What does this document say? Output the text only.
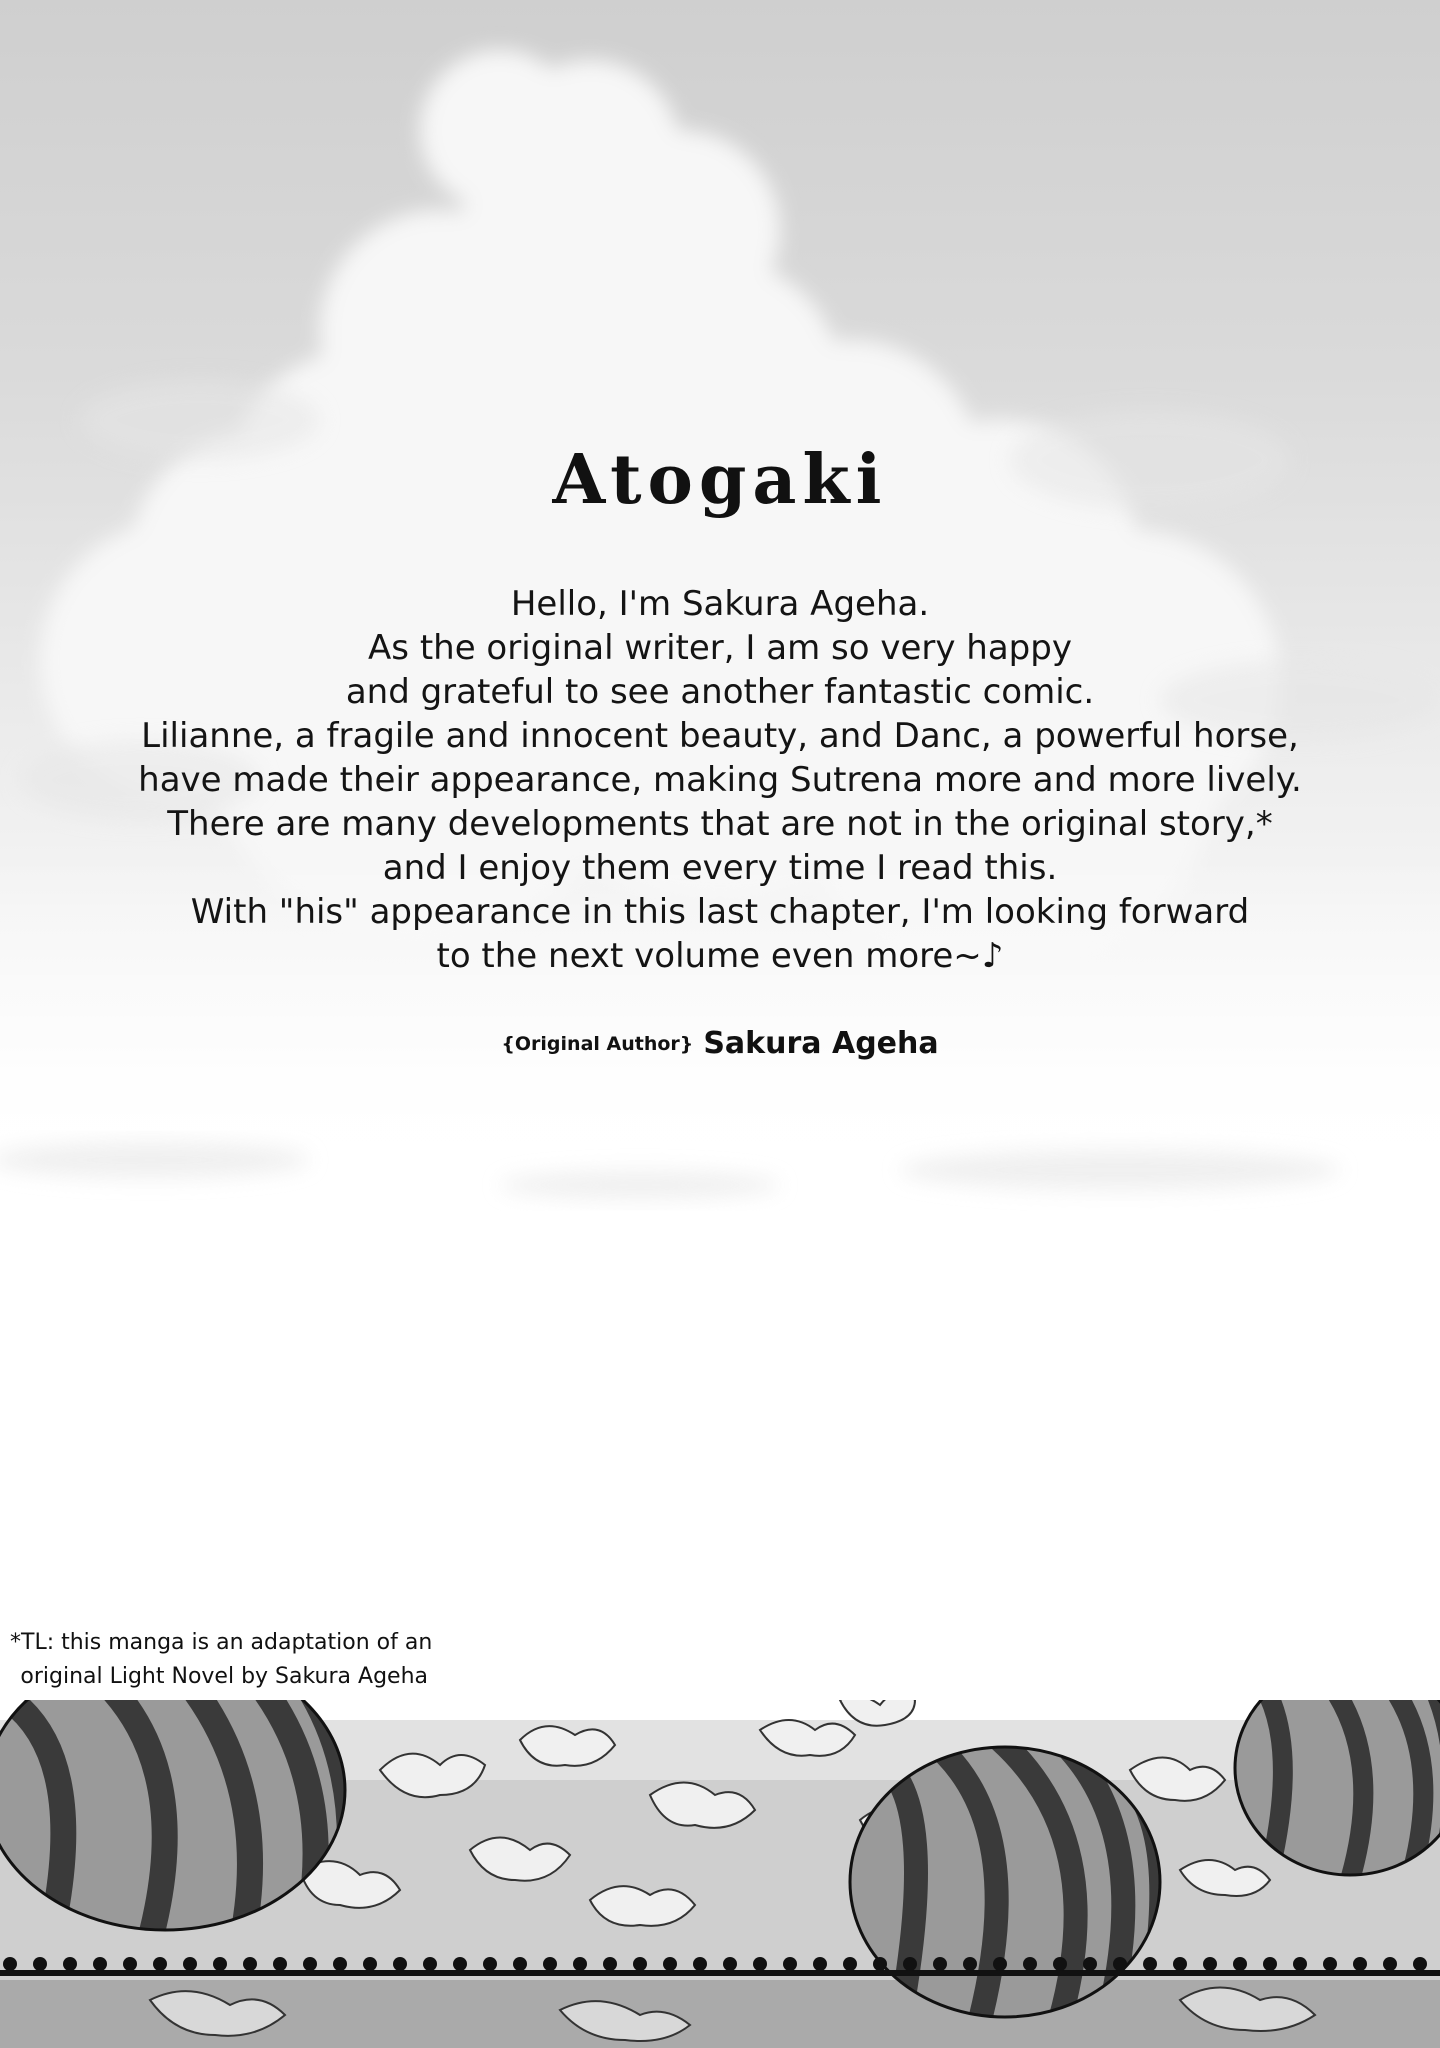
Atogaki
Hello, I'm Sakura Ageha.
As the original writer, I am so very happy
and grateful to see another fantastic comic.
Lilianne, a fragile and innocent beauty, and Danc, a powerful horse,
have made their appearance, making Sutrena more and more lively.
There are many developments that are not in the original story,*
and I enjoy them every time I read this.
With "his" appearance in this last chapter, I'm looking forward
to the next volume even more~♪
{Original Author} Sakura Ageha
*TL: this manga is an adaptation of an
original Light Novel by Sakura Ageha
